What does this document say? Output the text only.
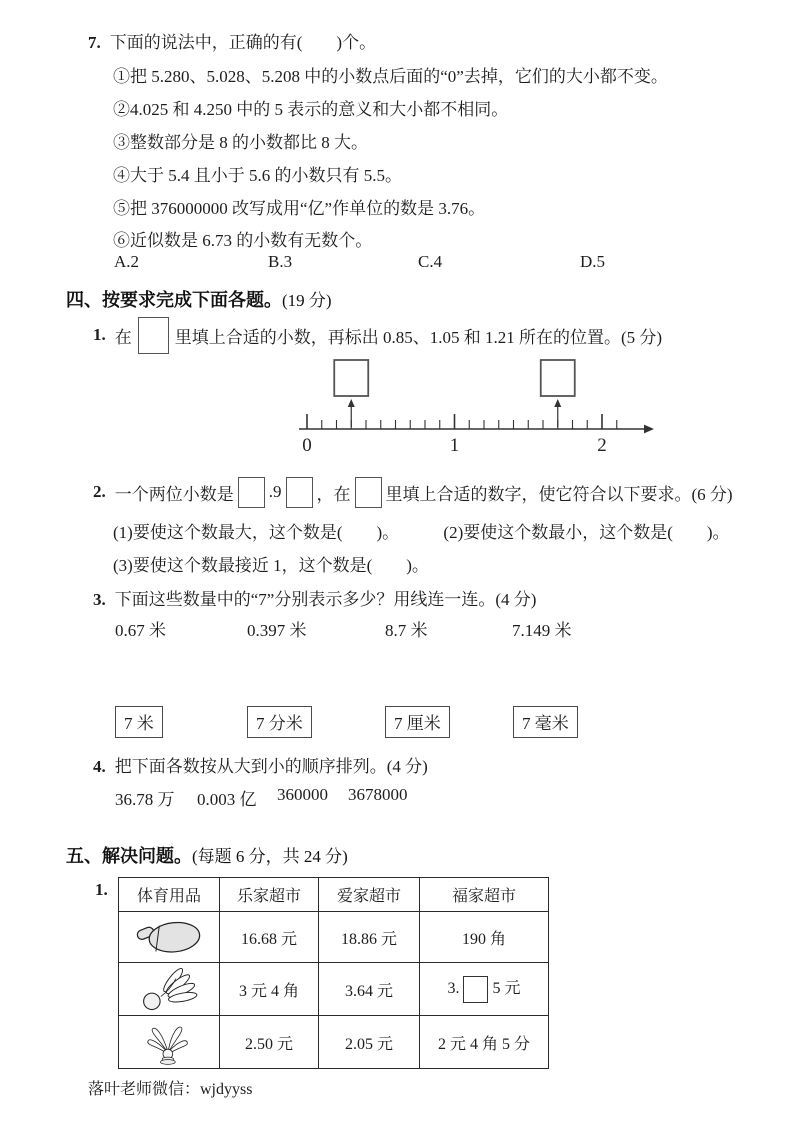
7. 下面的说法中，正确的有(　　)个。
①把 5.280、5.028、5.208 中的小数点后面的“0”去掉，它们的大小都不变。
②4.025 和 4.250 中的 5 表示的意义和大小都不相同。
③整数部分是 8 的小数都比 8 大。
④大于 5.4 且小于 5.6 的小数只有 5.5。
⑤把 376000000 改写成用“亿”作单位的数是 3.76。
⑥近似数是 6.73 的小数有无数个。
A.2	B.3	C.4	D.5
四、按要求完成下面各题。(19 分)
1. 在	里填上合适的小数，再标出 0.85、1.05 和 1.21 所在的位置。(5 分)
0	1	2
2. 一个两位小数是 .9 ，在 里填上合适的数字，使它符合以下要求。(6 分)
(1)要使这个数最大，这个数是(　　)。	(2)要使这个数最小，这个数是(　　)。
(3)要使这个数最接近 1，这个数是(　　)。
3. 下面这些数量中的“7”分别表示多少？用线连一连。(4 分)
0.67 米	0.397 米	8.7 米	7.149 米
7 米	7 分米	7 厘米	7 毫米
4. 把下面各数按从大到小的顺序排列。(4 分)
36.78 万 0.003 亿 360000 3678000
五、解决问题。(每题 6 分，共 24 分)
1. 体育用品	乐家超市	爱家超市	福家超市

	16.68 元	18.86 元	190 角

	3 元 4 角	3.64 元	3. 5 元

	2.50 元	2.05 元	2 元 4 角 5 分
落叶老师微信：wjdyyss
